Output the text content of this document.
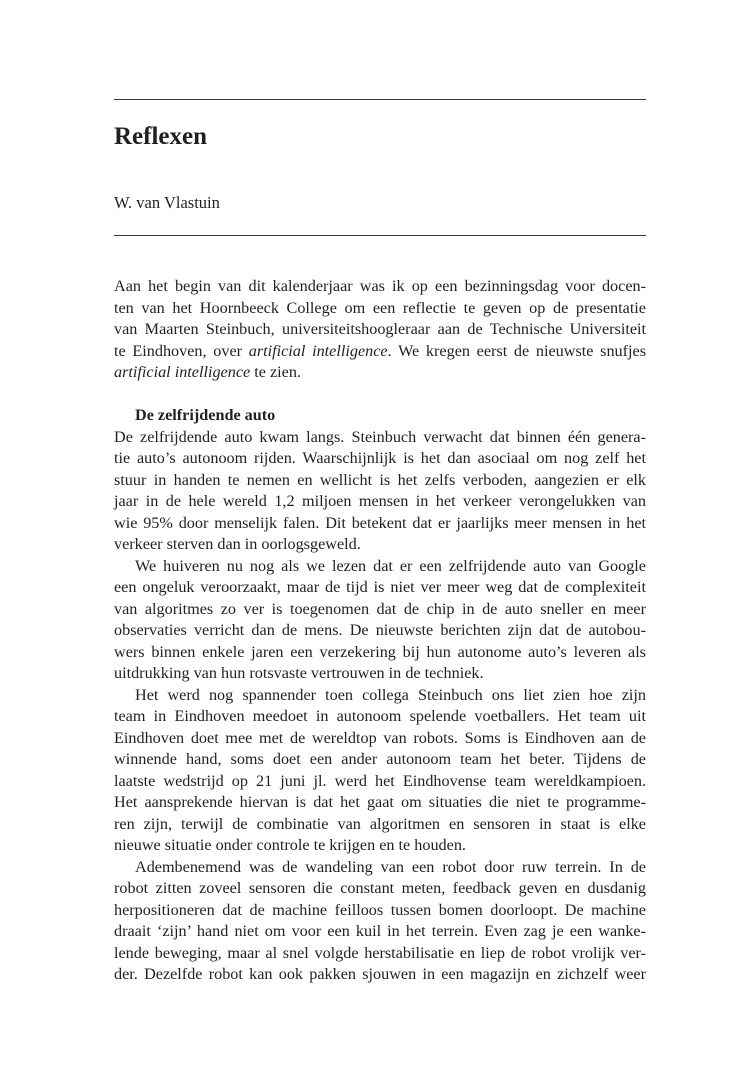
Reflexen
W. van Vlastuin
Aan het begin van dit kalenderjaar was ik op een bezinningsdag voor docen-
ten van het Hoornbeeck College om een reflectie te geven op de presentatie
van Maarten Steinbuch, universiteitshoogleraar aan de Technische Universiteit
te Eindhoven, over artificial intelligence. We kregen eerst de nieuwste snufjes
artificial intelligence te zien.
De zelfrijdende auto
De zelfrijdende auto kwam langs. Steinbuch verwacht dat binnen één genera-
tie auto’s autonoom rijden. Waarschijnlijk is het dan asociaal om nog zelf het
stuur in handen te nemen en wellicht is het zelfs verboden, aangezien er elk
jaar in de hele wereld 1,2 miljoen mensen in het verkeer verongelukken van
wie 95% door menselijk falen. Dit betekent dat er jaarlijks meer mensen in het
verkeer sterven dan in oorlogsgeweld.
We huiveren nu nog als we lezen dat er een zelfrijdende auto van Google
een ongeluk veroorzaakt, maar de tijd is niet ver meer weg dat de complexiteit
van algoritmes zo ver is toegenomen dat de chip in de auto sneller en meer
observaties verricht dan de mens. De nieuwste berichten zijn dat de autobou-
wers binnen enkele jaren een verzekering bij hun autonome auto’s leveren als
uitdrukking van hun rotsvaste vertrouwen in de techniek.
Het werd nog spannender toen collega Steinbuch ons liet zien hoe zijn
team in Eindhoven meedoet in autonoom spelende voetballers. Het team uit
Eindhoven doet mee met de wereldtop van robots. Soms is Eindhoven aan de
winnende hand, soms doet een ander autonoom team het beter. Tijdens de
laatste wedstrijd op 21 juni jl. werd het Eindhovense team wereldkampioen.
Het aansprekende hiervan is dat het gaat om situaties die niet te programme-
ren zijn, terwijl de combinatie van algoritmen en sensoren in staat is elke
nieuwe situatie onder controle te krijgen en te houden.
Adembenemend was de wandeling van een robot door ruw terrein. In de
robot zitten zoveel sensoren die constant meten, feedback geven en dusdanig
herpositioneren dat de machine feilloos tussen bomen doorloopt. De machine
draait ‘zijn’ hand niet om voor een kuil in het terrein. Even zag je een wanke-
lende beweging, maar al snel volgde herstabilisatie en liep de robot vrolijk ver-
der. Dezelfde robot kan ook pakken sjouwen in een magazijn en zichzelf weer
